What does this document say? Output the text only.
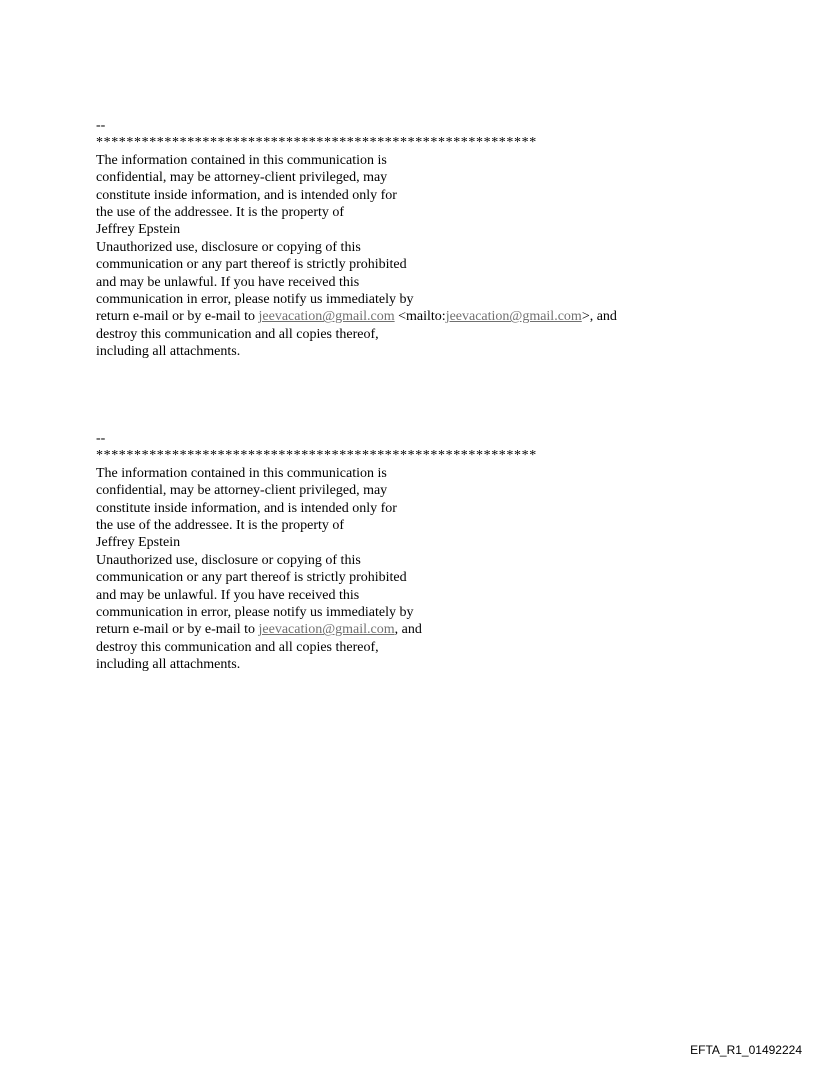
--
**********************************************************
The information contained in this communication is
confidential, may be attorney-client privileged, may
constitute inside information, and is intended only for
the use of the addressee. It is the property of
Jeffrey Epstein
Unauthorized use, disclosure or copying of this
communication or any part thereof is strictly prohibited
and may be unlawful. If you have received this
communication in error, please notify us immediately by
return e-mail or by e-mail to jeevacation@gmail.com <mailto:jeevacation@gmail.com>, and
destroy this communication and all copies thereof,
including all attachments.
--
**********************************************************
The information contained in this communication is
confidential, may be attorney-client privileged, may
constitute inside information, and is intended only for
the use of the addressee. It is the property of
Jeffrey Epstein
Unauthorized use, disclosure or copying of this
communication or any part thereof is strictly prohibited
and may be unlawful. If you have received this
communication in error, please notify us immediately by
return e-mail or by e-mail to jeevacation@gmail.com, and
destroy this communication and all copies thereof,
including all attachments.
EFTA_R1_01492224
